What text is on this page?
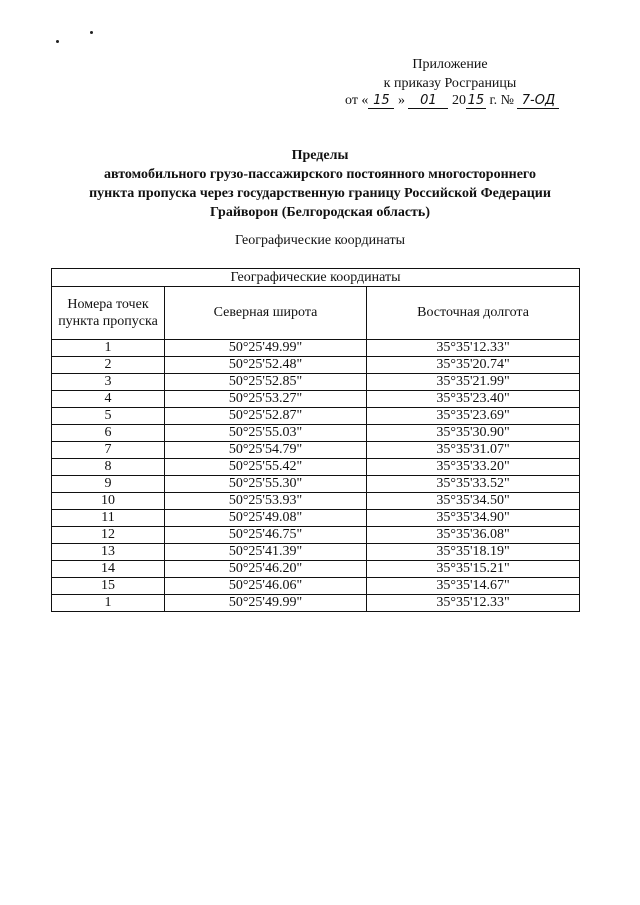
Приложение
к приказу Росграницы
от « 15 » 01 20 15 г. № 7-ОД
Пределы
автомобильного грузо-пассажирского постоянного многостороннего
пункта пропуска через государственную границу Российской Федерации
Грайворон (Белгородская область)
Географические координаты
Географические координаты		
Номера точек пункта пропуска	Северная широта	Восточная долгота
1	50°25'49.99"	35°35'12.33"
2	50°25'52.48"	35°35'20.74"
3	50°25'52.85"	35°35'21.99"
4	50°25'53.27"	35°35'23.40"
5	50°25'52.87"	35°35'23.69"
6	50°25'55.03"	35°35'30.90"
7	50°25'54.79"	35°35'31.07"
8	50°25'55.42"	35°35'33.20"
9	50°25'55.30"	35°35'33.52"
10	50°25'53.93"	35°35'34.50"
11	50°25'49.08"	35°35'34.90"
12	50°25'46.75"	35°35'36.08"
13	50°25'41.39"	35°35'18.19"
14	50°25'46.20"	35°35'15.21"
15	50°25'46.06"	35°35'14.67"
1	50°25'49.99"	35°35'12.33"
